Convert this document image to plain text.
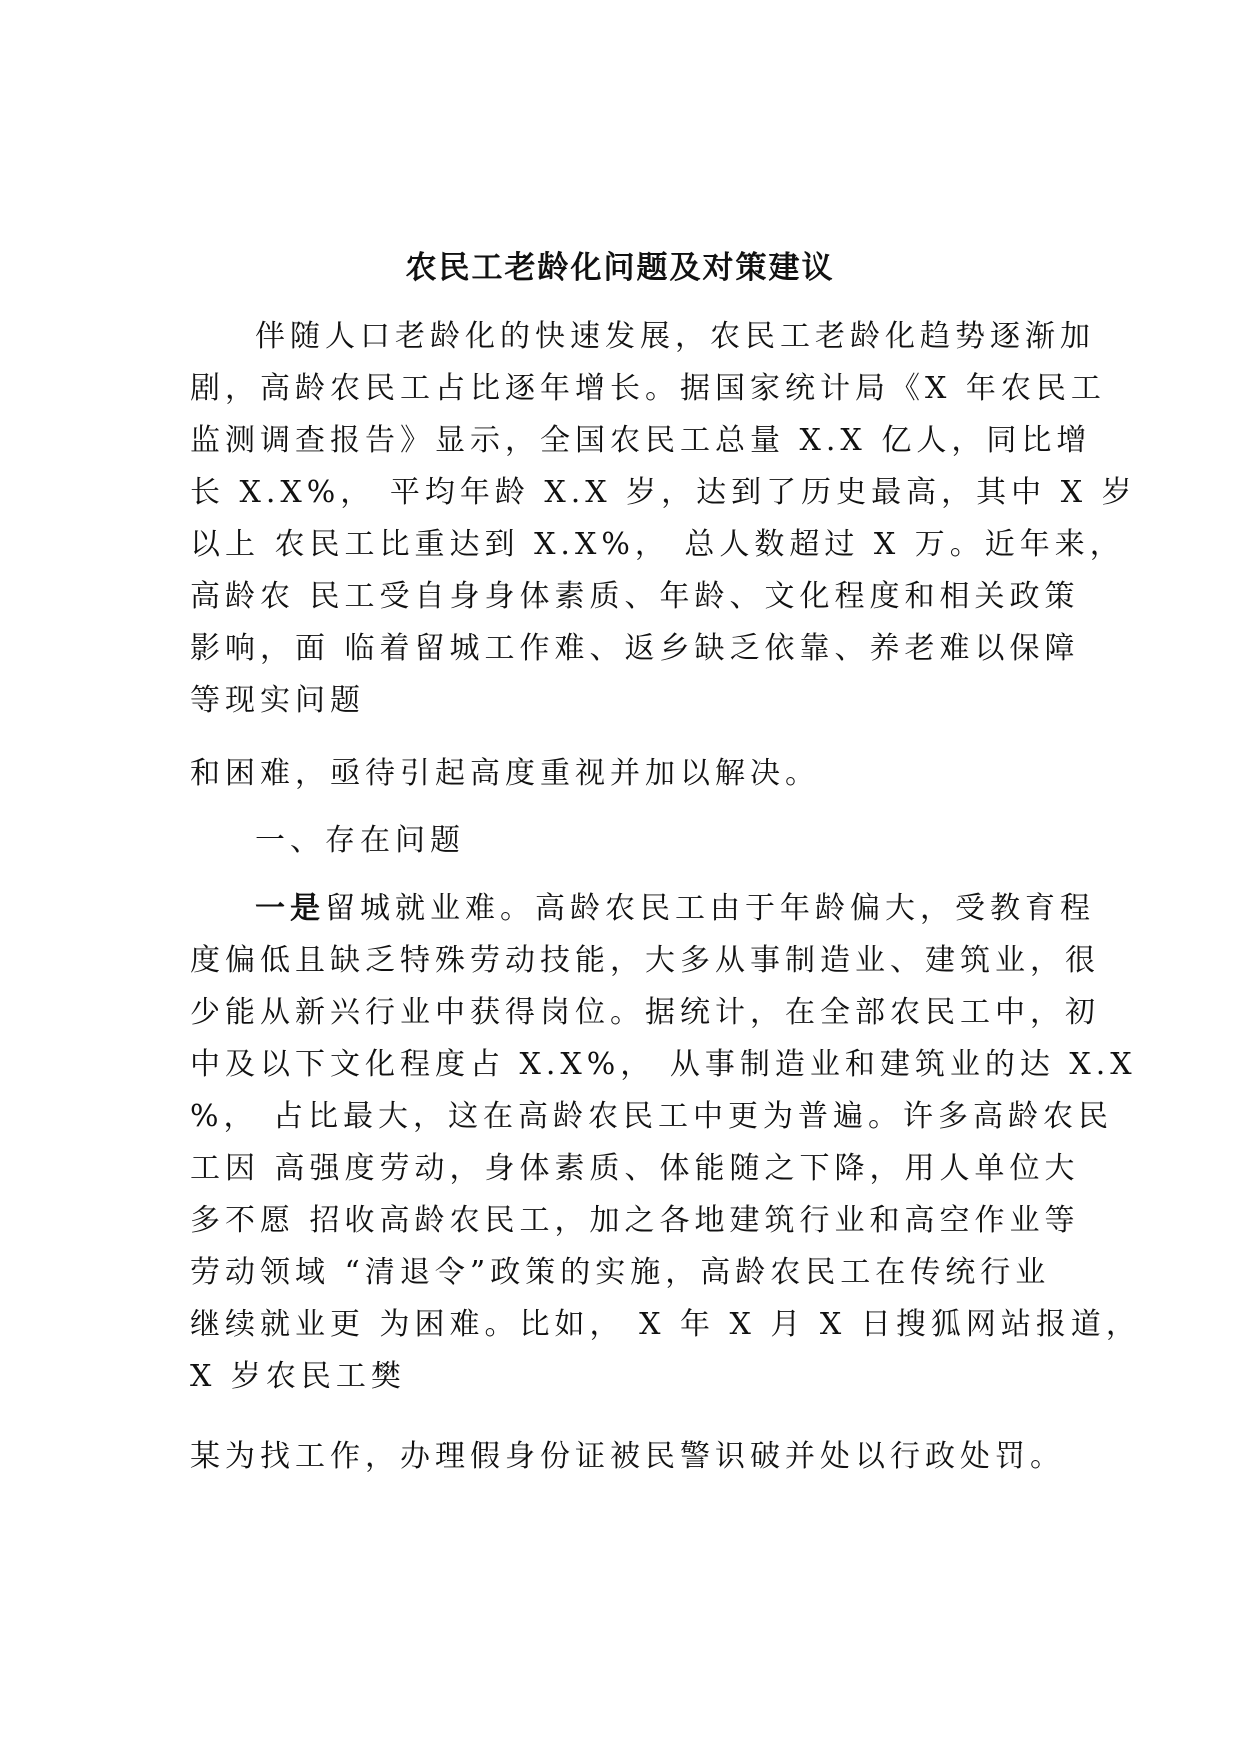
农民工老龄化问题及对策建议

伴随人口老龄化的快速发展，农民工老龄化趋势逐渐加

剧，高龄农民工占比逐年增长。据国家统计局《X 年农民工

监测调查报告》显示，全国农民工总量 X.X 亿人，同比增

长 X.X%， 平均年龄 X.X 岁，达到了历史最高，其中 X 岁

以上 农民工比重达到 X.X%， 总人数超过 X 万。近年来，

高龄农 民工受自身身体素质、年龄、文化程度和相关政策

影响，面 临着留城工作难、返乡缺乏依靠、养老难以保障

等现实问题

和困难，亟待引起高度重视并加以解决。

一、存在问题

一是留城就业难。高龄农民工由于年龄偏大，受教育程

度偏低且缺乏特殊劳动技能，大多从事制造业、建筑业，很

少能从新兴行业中获得岗位。据统计，在全部农民工中，初

中及以下文化程度占 X.X%， 从事制造业和建筑业的达 X.X

%， 占比最大，这在高龄农民工中更为普遍。许多高龄农民

工因 高强度劳动，身体素质、体能随之下降，用人单位大

多不愿 招收高龄农民工，加之各地建筑行业和高空作业等

劳动领域 “清退令”政策的实施，高龄农民工在传统行业

继续就业更 为困难。比如， X 年 X 月 X 日搜狐网站报道，

X 岁农民工樊

某为找工作，办理假身份证被民警识破并处以行政处罚。
